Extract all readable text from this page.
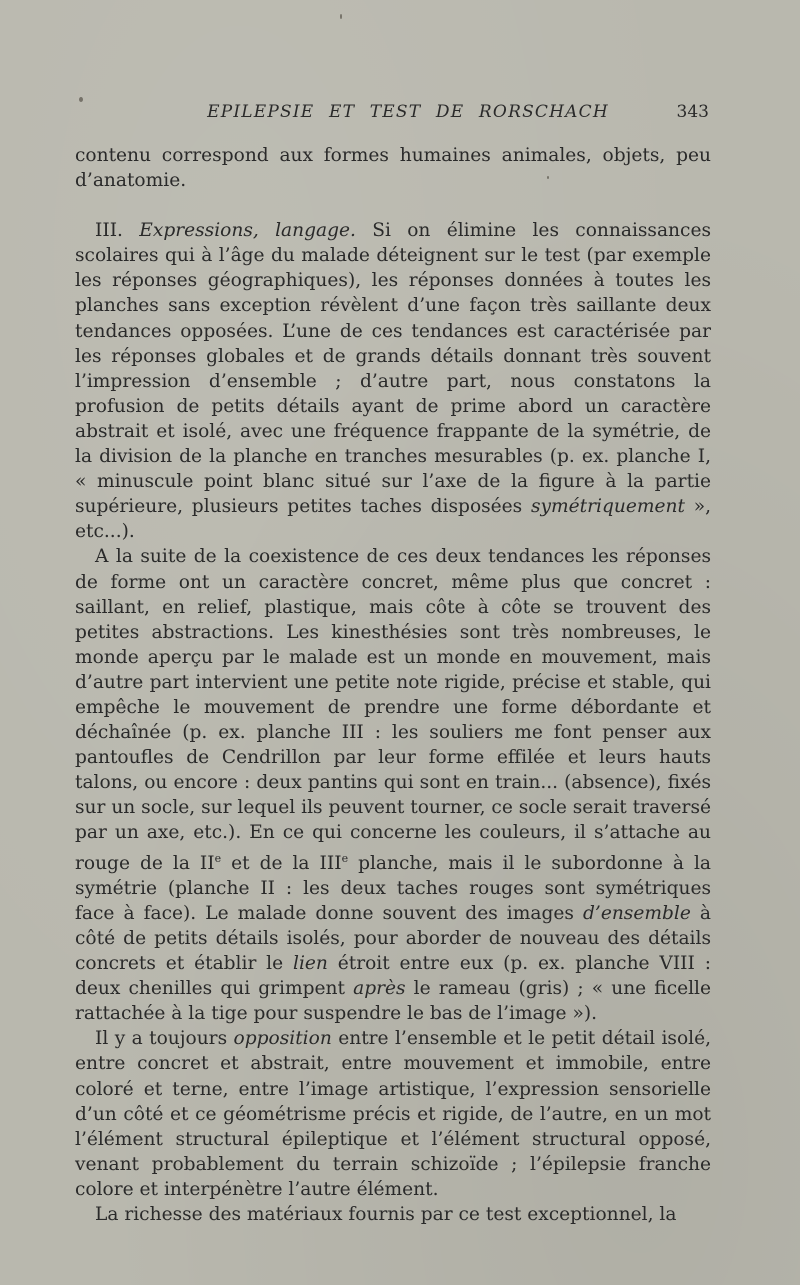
EPILEPSIE ET TEST DE RORSCHACH	343

contenu correspond aux formes humaines animales, objets, peu d’anatomie.

III. Expressions, langage. Si on élimine les connaissances scolaires qui à l’âge du malade déteignent sur le test (par exemple les réponses géographiques), les réponses données à toutes les planches sans exception révèlent d’une façon très saillante deux tendances opposées. L’une de ces tendances est caractérisée par les réponses globales et de grands détails donnant très souvent l’impression d’ensemble ; d’autre part, nous constatons la profusion de petits détails ayant de prime abord un caractère abstrait et isolé, avec une fréquence frappante de la symétrie, de la division de la planche en tranches mesurables (p. ex. planche I, « minuscule point blanc situé sur l’axe de la figure à la partie supérieure, plusieurs petites taches disposées symétriquement », etc...).

A la suite de la coexistence de ces deux tendances les réponses de forme ont un caractère concret, même plus que concret : saillant, en relief, plastique, mais côte à côte se trouvent des petites abstractions. Les kinesthésies sont très nombreuses, le monde aperçu par le malade est un monde en mouvement, mais d’autre part intervient une petite note rigide, précise et stable, qui empêche le mouvement de prendre une forme débordante et déchaînée (p. ex. planche III : les souliers me font penser aux pantoufles de Cendrillon par leur forme effilée et leurs hauts talons, ou encore : deux pantins qui sont en train... (absence), fixés sur un socle, sur lequel ils peuvent tourner, ce socle serait traversé par un axe, etc.). En ce qui concerne les couleurs, il s’attache au rouge de la IIe et de la IIIe planche, mais il le subordonne à la symétrie (planche II : les deux taches rouges sont symétriques face à face). Le malade donne souvent des images d’ensemble à côté de petits détails isolés, pour aborder de nouveau des détails concrets et établir le lien étroit entre eux (p. ex. planche VIII : deux chenilles qui grimpent après le rameau (gris) ; « une ficelle rattachée à la tige pour suspendre le bas de l’image »).

Il y a toujours opposition entre l’ensemble et le petit détail isolé, entre concret et abstrait, entre mouvement et immobile, entre coloré et terne, entre l’image artistique, l’expression sensorielle d’un côté et ce géométrisme précis et rigide, de l’autre, en un mot l’élément structural épileptique et l’élément structural opposé, venant probablement du terrain schizoïde ; l’épilepsie franche colore et interpénètre l’autre élément.

La richesse des matériaux fournis par ce test exceptionnel, la
